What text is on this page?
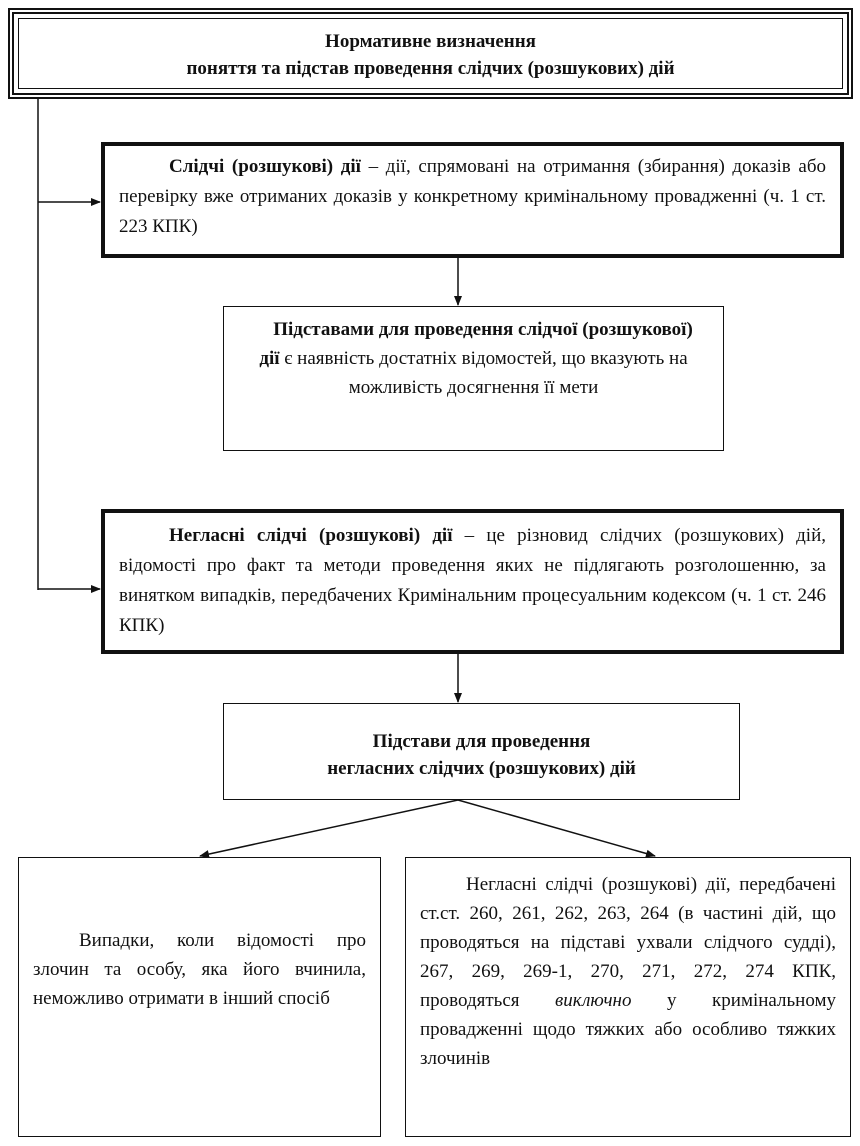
Нормативне визначення
поняття та підстав проведення слідчих (розшукових) дій
Слідчі (розшукові) дії – дії, спрямовані на отримання (збирання) доказів або перевірку вже отриманих доказів у конкретному кримінальному провадженні (ч. 1 ст. 223 КПК)
Підставами для проведення слідчої (розшукової) дії є наявність достатніх відомостей, що вказують на можливість досягнення її мети
Негласні слідчі (розшукові) дії – це різновид слідчих (розшукових) дій, відомості про факт та методи проведення яких не підлягають розголошенню, за винятком випадків, передбачених Кримінальним процесуальним кодексом (ч. 1 ст. 246 КПК)
Підстави для проведення
негласних слідчих (розшукових) дій
Випадки, коли відомості про злочин та особу, яка його вчинила, неможливо отримати в інший спосіб
Негласні слідчі (розшукові) дії, передбачені ст.ст. 260, 261, 262, 263, 264 (в частині дій, що проводяться на підставі ухвали слідчого судді), 267, 269, 269-1, 270, 271, 272, 274 КПК, проводяться виключно у кримінальному провадженні щодо тяжких або особливо тяжких злочинів
